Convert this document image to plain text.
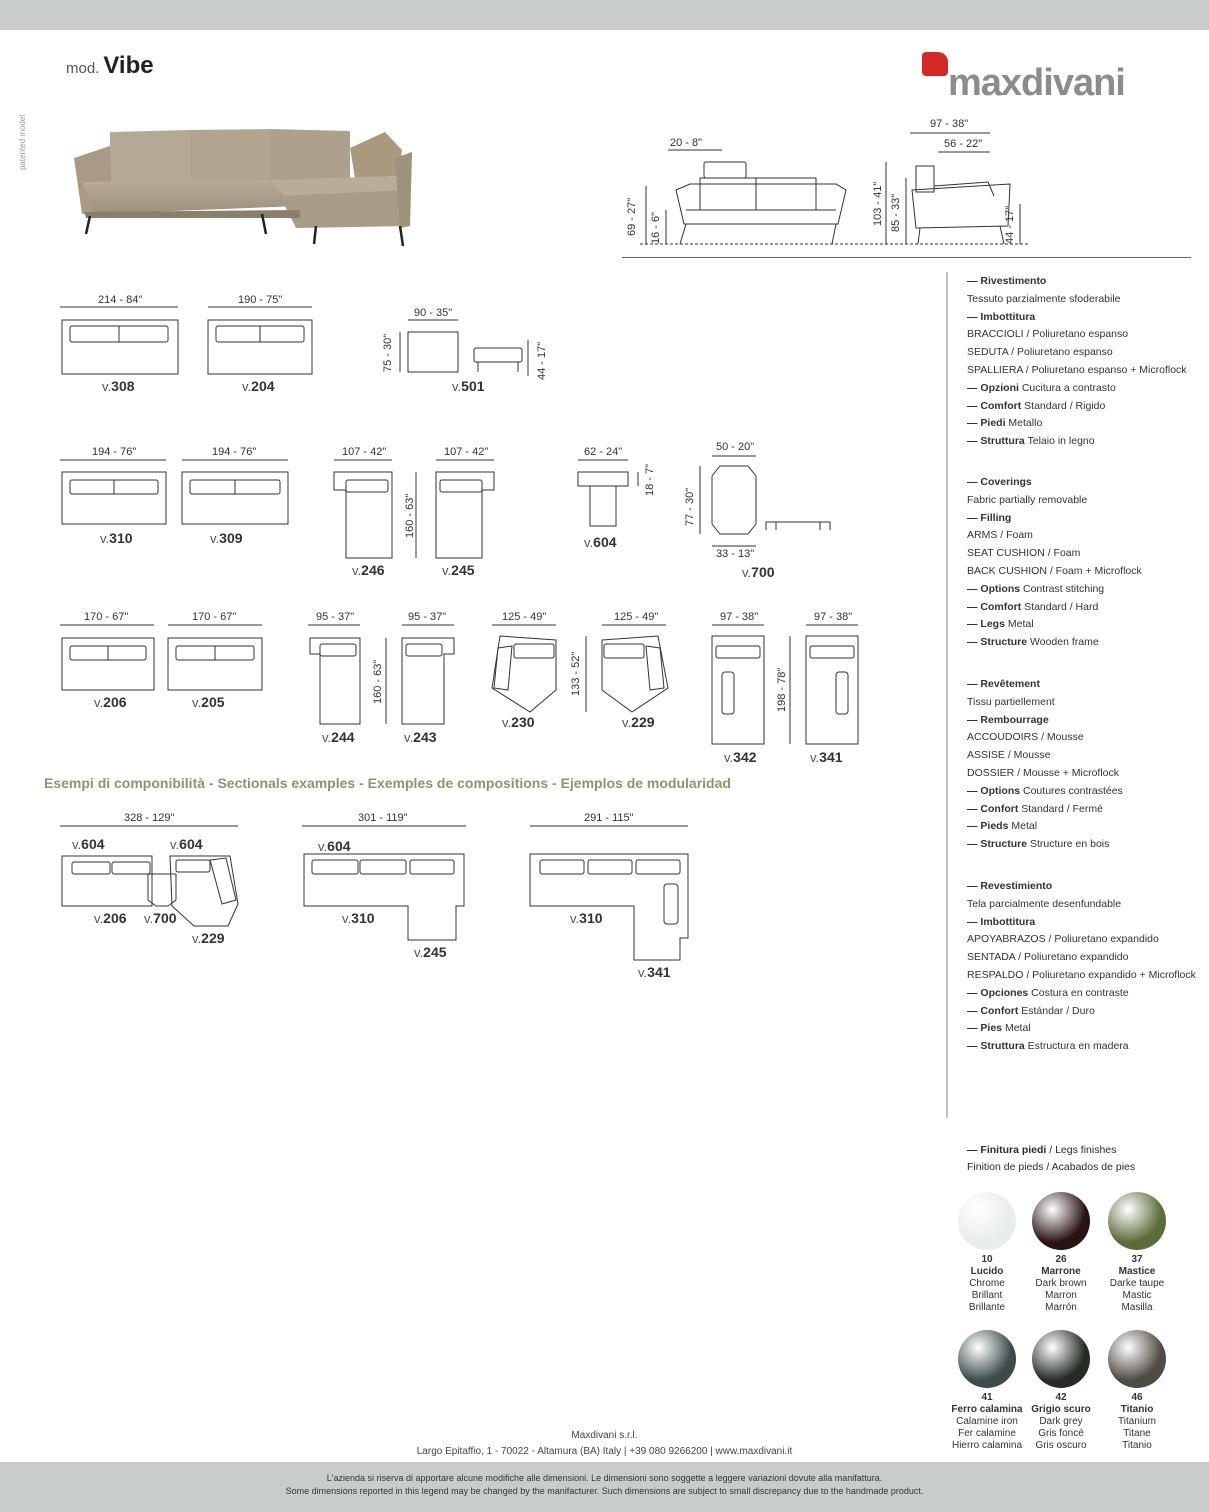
mod. Vibe
patented model
maxdivani
20 - 8"
69 - 27" 16 - 6"
97 - 38"
56 - 22"
103 - 41" 85 - 33"	44 - 17"
214 - 84"
v.308
190 - 75"
v.204
90 - 35"
75 - 30"	44 - 17"
v.501
194 - 76"
v.310
194 - 76"
v.309
107 - 42"
160 - 63"
v.246
107 - 42"
v.245
62 - 24"
18 - 7"
v.604
50 - 20"
77 - 30"
33 - 13"
v.700
170 - 67"
v.206
170 - 67"
v.205
95 - 37"
160 - 63"
v.244
95 - 37"
v.243
125 - 49"
133 - 52"
v.230
125 - 49"
v.229
97 - 38"
198 - 78"
v.342
97 - 38"
v.341
Esempi di componibilità - Sectionals examples - Exemples de compositions - Ejemplos de modularidad
328 - 129"
v.604	v.604
v.206 v.700
v.229
301 - 119"
v.604
v.310
v.245
291 - 115"
v.310
v.341
— Rivestimento
Tessuto parzialmente sfoderabile
— Imbottitura
BRACCIOLI / Poliuretano espanso
SEDUTA / Poliuretano espanso
SPALLIERA / Poliuretano espanso + Microflock
— Opzioni Cucitura a contrasto
— Comfort Standard / Rigido
— Piedi Metallo
— Struttura Telaio in legno
— Coverings
Fabric partially removable
— Filling
ARMS / Foam
SEAT CUSHION / Foam
BACK CUSHION / Foam + Microflock
— Options Contrast stitching
— Comfort Standard / Hard
— Legs Metal
— Structure Wooden frame
— Revêtement
Tissu partiellement
— Rembourrage
ACCOUDOIRS / Mousse
ASSISE / Mousse
DOSSIER / Mousse + Microflock
— Options Coutures contrastées
— Confort Standard / Fermé
— Pieds Metal
— Structure Structure en bois
— Revestimiento
Tela parcialmente desenfundable
— Imbottitura
APOYABRAZOS / Poliuretano expandido
SENTADA / Poliuretano expandido
RESPALDO / Poliuretano expandido + Microflock
— Opciones Costura en contraste
— Confort Estándar / Duro
— Pies Metal
— Struttura Estructura en madera
— Finitura piedi / Legs finishes
Finition de pieds / Acabados de pies
10
Lucido
Chrome
Brillant
Brillante
26
Marrone
Dark brown
Marron
Marrón
37
Mastice
Darke taupe
Mastic
Masilla
41
Ferro calamina
Calamine iron
Fer calamine
Hierro calamina
42
Grigio scuro
Dark grey
Gris foncé
Gris oscuro
46
Titanio
Titanium
Titane
Titanio
Maxdivani s.r.l.
Largo Epitaffio, 1 - 70022 - Altamura (BA) Italy | +39 080 9266200 | www.maxdivani.it
L'azienda si riserva di apportare alcune modifiche alle dimensioni. Le dimensioni sono soggette a leggere variazioni dovute alla manifattura.
Some dimensions reported in this legend may be changed by the manifacturer. Such dimensions are subject to small discrepancy due to the handmade product.
